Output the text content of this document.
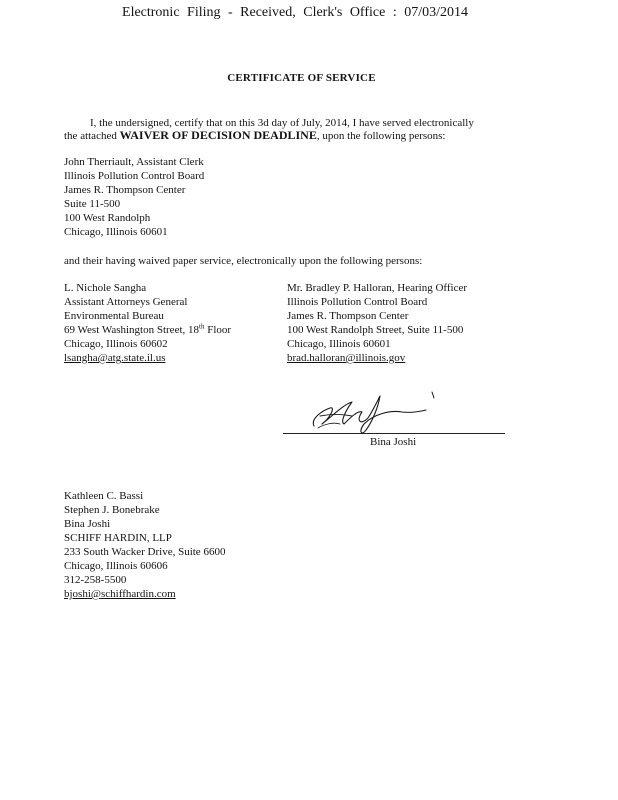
Electronic Filing - Received, Clerk's Office : 07/03/2014
CERTIFICATE OF SERVICE
I, the undersigned, certify that on this 3d day of July, 2014, I have served electronically
the attached WAIVER OF DECISION DEADLINE, upon the following persons:
John Therriault, Assistant Clerk
Illinois Pollution Control Board
James R. Thompson Center
Suite 11-500
100 West Randolph
Chicago, Illinois 60601
and their having waived paper service, electronically upon the following persons:
L. Nichole Sangha
Assistant Attorneys General
Environmental Bureau
69 West Washington Street, 18th Floor
Chicago, Illinois 60602
lsangha@atg.state.il.us
Mr. Bradley P. Halloran, Hearing Officer
Illinois Pollution Control Board
James R. Thompson Center
100 West Randolph Street, Suite 11-500
Chicago, Illinois 60601
brad.halloran@illinois.gov
Bina Joshi
Kathleen C. Bassi
Stephen J. Bonebrake
Bina Joshi
SCHIFF HARDIN, LLP
233 South Wacker Drive, Suite 6600
Chicago, Illinois 60606
312-258-5500
bjoshi@schiffhardin.com
